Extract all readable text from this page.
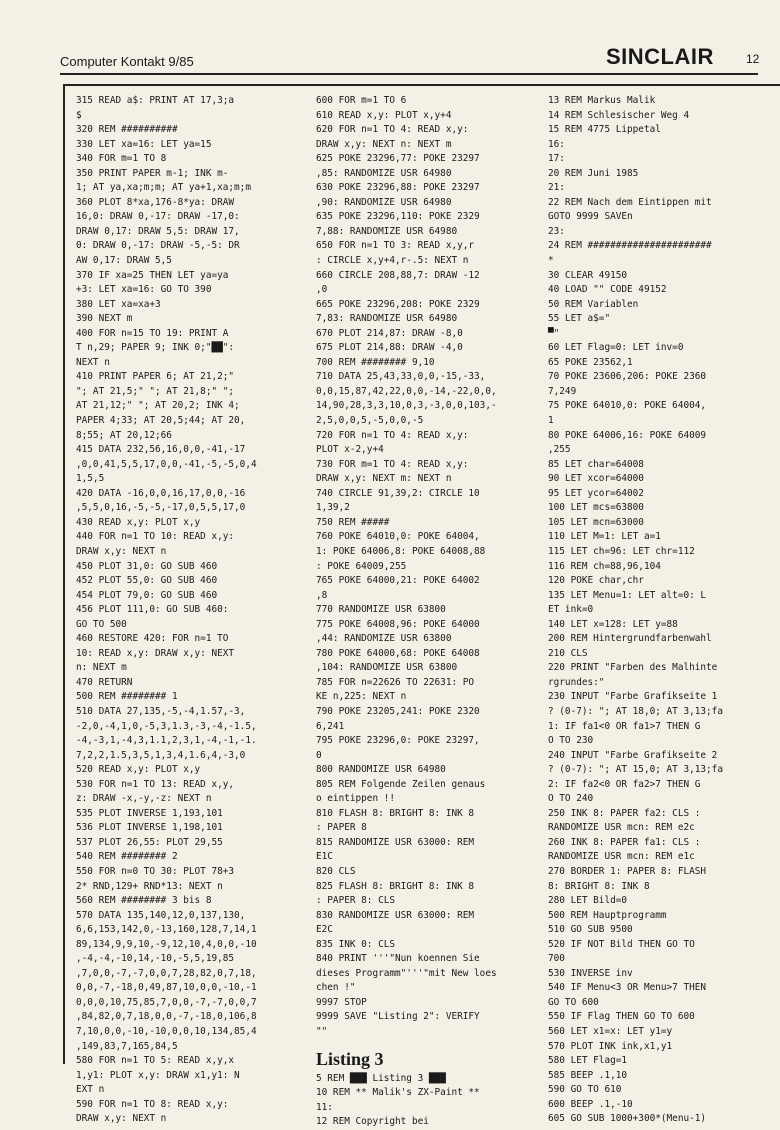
Computer Kontakt 9/85	SINCLAIR	12
315 READ a$: PRINT AT 17,3;a
$
320 REM ##########
330 LET xa=16: LET ya=15
340 FOR m=1 TO 8
350 PRINT PAPER m-1; INK m-
1; AT ya,xa;m;m; AT ya+1,xa;m;m
360 PLOT 8*xa,176-8*ya: DRAW
16,0: DRAW 0,-17: DRAW -17,0:
DRAW 0,17: DRAW 5,5: DRAW 17,
0: DRAW 0,-17: DRAW -5,-5: DR
AW 0,17: DRAW 5,5
370 IF xa=25 THEN LET ya=ya
+3: LET xa=16: GO TO 390
380 LET xa=xa+3
390 NEXT m
400 FOR n=15 TO 19: PRINT A
T n,29; PAPER 9; INK 0;"██":
NEXT n
410 PRINT PAPER 6; AT 21,2;"
"; AT 21,5;" "; AT 21,8;" ";
AT 21,12;" "; AT 20,2; INK 4;
PAPER 4;33; AT 20,5;44; AT 20,
8;55; AT 20,12;66
415 DATA 232,56,16,0,0,-41,-17
,0,0,41,5,5,17,0,0,-41,-5,-5,0,4
1,5,5
420 DATA -16,0,0,16,17,0,0,-16
,5,5,0,16,-5,-5,-17,0,5,5,17,0
430 READ x,y: PLOT x,y
440 FOR n=1 TO 10: READ x,y:
DRAW x,y: NEXT n
450 PLOT 31,0: GO SUB 460
452 PLOT 55,0: GO SUB 460
454 PLOT 79,0: GO SUB 460
456 PLOT 111,0: GO SUB 460:
GO TO 500
460 RESTORE 420: FOR n=1 TO
10: READ x,y: DRAW x,y: NEXT
n: NEXT m
470 RETURN
500 REM ######## 1
510 DATA 27,135,-5,-4,1.57,-3,
-2,0,-4,1,0,-5,3,1.3,-3,-4,-1.5,
-4,-3,1,-4,3,1.1,2,3,1,-4,-1,-1.
7,2,2,1.5,3,5,1,3,4,1.6,4,-3,0
520 READ x,y: PLOT x,y
530 FOR n=1 TO 13: READ x,y,
z: DRAW -x,-y,-z: NEXT n
535 PLOT INVERSE 1,193,101
536 PLOT INVERSE 1,198,101
537 PLOT 26,55: PLOT 29,55
540 REM ######## 2
550 FOR n=0 TO 30: PLOT 78+3
2* RND,129+ RND*13: NEXT n
560 REM ######## 3 bis 8
570 DATA 135,140,12,0,137,130,
6,6,153,142,0,-13,160,128,7,14,1
89,134,9,9,10,-9,12,10,4,0,0,-10
,-4,-4,-10,14,-10,-5,5,19,85
,7,0,0,-7,-7,0,0,7,28,82,0,7,18,
0,0,-7,-18,0,49,87,10,0,0,-10,-1
0,0,0,10,75,85,7,0,0,-7,-7,0,0,7
,84,82,0,7,18,0,0,-7,-18,0,106,8
7,10,0,0,-10,-10,0,0,10,134,85,4
,149,83,7,165,84,5
580 FOR n=1 TO 5: READ x,y,x
1,y1: PLOT x,y: DRAW x1,y1: N
EXT n
590 FOR n=1 TO 8: READ x,y:
DRAW x,y: NEXT n
600 FOR m=1 TO 6
610 READ x,y: PLOT x,y+4
620 FOR n=1 TO 4: READ x,y:
DRAW x,y: NEXT n: NEXT m
625 POKE 23296,77: POKE 23297
,85: RANDOMIZE USR 64980
630 POKE 23296,88: POKE 23297
,90: RANDOMIZE USR 64980
635 POKE 23296,110: POKE 2329
7,88: RANDOMIZE USR 64980
650 FOR n=1 TO 3: READ x,y,r
: CIRCLE x,y+4,r-.5: NEXT n
660 CIRCLE 208,88,7: DRAW -12
,0
665 POKE 23296,208: POKE 2329
7,83: RANDOMIZE USR 64980
670 PLOT 214,87: DRAW -8,0
675 PLOT 214,88: DRAW -4,0
700 REM ######## 9,10
710 DATA 25,43,33,0,0,-15,-33,
0,0,15,87,42,22,0,0,-14,-22,0,0,
14,90,28,3,3,10,0,3,-3,0,0,103,-
2,5,0,0,5,-5,0,0,-5
720 FOR n=1 TO 4: READ x,y:
PLOT x-2,y+4
730 FOR m=1 TO 4: READ x,y:
DRAW x,y: NEXT m: NEXT n
740 CIRCLE 91,39,2: CIRCLE 10
1,39,2
750 REM #####
760 POKE 64010,0: POKE 64004,
1: POKE 64006,8: POKE 64008,88
: POKE 64009,255
765 POKE 64000,21: POKE 64002
,8
770 RANDOMIZE USR 63800
775 POKE 64008,96: POKE 64000
,44: RANDOMIZE USR 63800
780 POKE 64000,68: POKE 64008
,104: RANDOMIZE USR 63800
785 FOR n=22626 TO 22631: PO
KE n,225: NEXT n
790 POKE 23205,241: POKE 2320
6,241
795 POKE 23296,0: POKE 23297,
0
800 RANDOMIZE USR 64980
805 REM Folgende Zeilen genaus
o eintippen !!
810 FLASH 8: BRIGHT 8: INK 8
: PAPER 8
815 RANDOMIZE USR 63000: REM
E1C
820 CLS
825 FLASH 8: BRIGHT 8: INK 8
: PAPER 8: CLS
830 RANDOMIZE USR 63000: REM
E2C
835 INK 0: CLS
840 PRINT '''"Nun koennen Sie
dieses Programm"'''"mit New loes
chen !"
9997 STOP
9999 SAVE "Listing 2": VERIFY
""
Listing 3
5 REM ███ Listing 3 ███
10 REM ** Malik's ZX-Paint **
11:
12 REM Copyright bei
13 REM Markus Malik
14 REM Schlesischer Weg 4
15 REM 4775 Lippetal
16:
17:
20 REM Juni 1985
21:
22 REM Nach dem Eintippen mit
GOTO 9999 SAVEn
23:
24 REM ######################
*
30 CLEAR 49150
40 LOAD "" CODE 49152
50 REM Variablen
55 LET a$="
▀"
60 LET Flag=0: LET inv=0
65 POKE 23562,1
70 POKE 23606,206: POKE 2360
7,249
75 POKE 64010,0: POKE 64004,
1
80 POKE 64006,16: POKE 64009
,255
85 LET char=64008
90 LET xcor=64000
95 LET ycor=64002
100 LET mcs=63800
105 LET mcn=63000
110 LET M=1: LET a=1
115 LET ch=96: LET chr=112
116 REM ch=88,96,104
120 POKE char,chr
135 LET Menu=1: LET alt=0: L
ET ink=0
140 LET x=128: LET y=88
200 REM Hintergrundfarbenwahl
210 CLS
220 PRINT "Farben des Malhinte
rgrundes:"
230 INPUT "Farbe Grafikseite 1
? (0-7): "; AT 18,0; AT 3,13;fa
1: IF fa1<0 OR fa1>7 THEN G
O TO 230
240 INPUT "Farbe Grafikseite 2
? (0-7): "; AT 15,0; AT 3,13;fa
2: IF fa2<0 OR fa2>7 THEN G
O TO 240
250 INK 8: PAPER fa2: CLS :
RANDOMIZE USR mcn: REM e2c
260 INK 8: PAPER fa1: CLS :
RANDOMIZE USR mcn: REM e1c
270 BORDER 1: PAPER 8: FLASH
8: BRIGHT 8: INK 8
280 LET Bild=0
500 REM Hauptprogramm
510 GO SUB 9500
520 IF NOT Bild THEN GO TO
700
530 INVERSE inv
540 IF Menu<3 OR Menu>7 THEN
GO TO 600
550 IF Flag THEN GO TO 600
560 LET x1=x: LET y1=y
570 PLOT INK ink,x1,y1
580 LET Flag=1
585 BEEP .1,10
590 GO TO 610
600 BEEP .1,-10
605 GO SUB 1000+300*(Menu-1)
